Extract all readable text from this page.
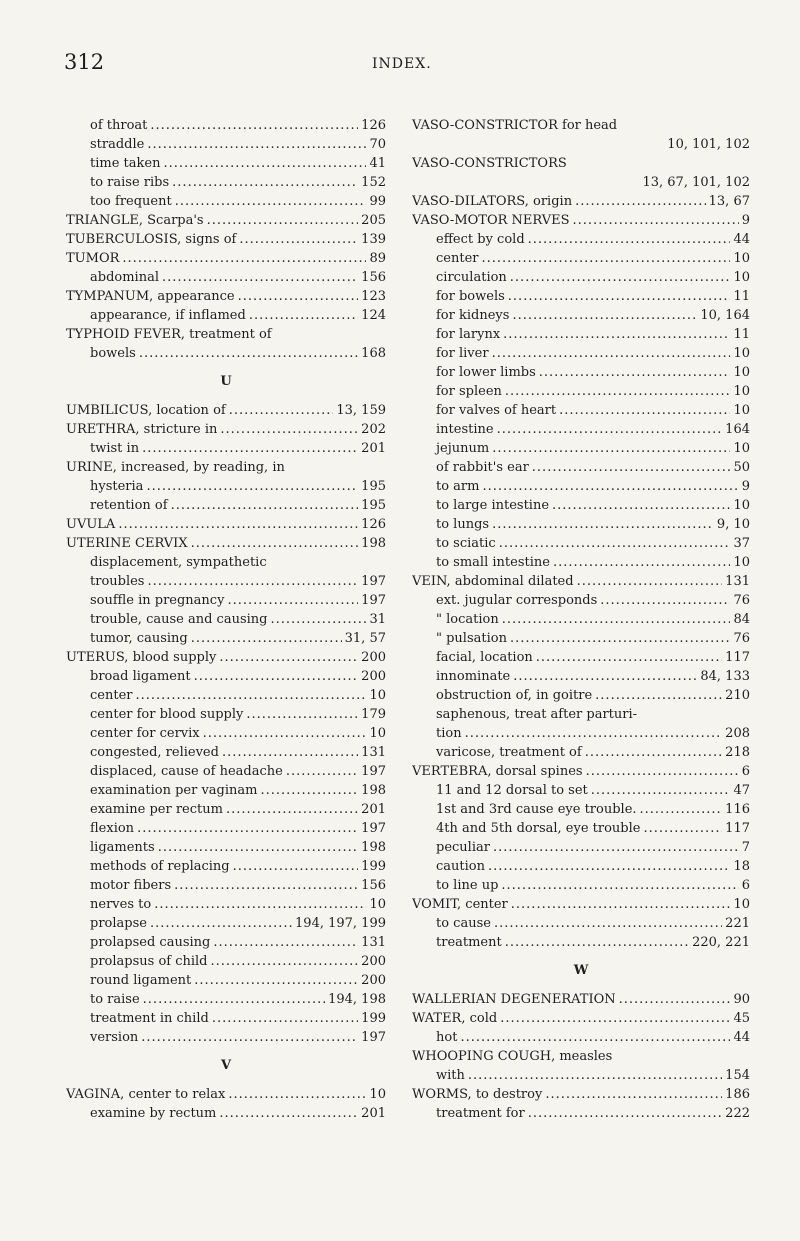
312	INDEX.
of throat .....	126
straddle .....	70
time taken .....	41
to raise ribs .....	152
too frequent .....	99
TRIANGLE, Scarpa's .....	205
TUBERCULOSIS, signs of .....	139
TUMOR .....	89
abdominal .....	156
TYMPANUM, appearance .....	123
appearance, if inflamed .....	124
TYPHOID FEVER, treatment of
bowels .....	168
U
UMBILICUS, location of .....	13, 159
URETHRA, stricture in .....	202
twist in .....	201
URINE, increased, by reading, in
hysteria .....	195
retention of .....	195
UVULA .....	126
UTERINE CERVIX .....	198
displacement, sympathetic
troubles .....	197
souffle in pregnancy .....	197
trouble, cause and causing .....	31
tumor, causing .....	31, 57
UTERUS, blood supply .....	200
broad ligament .....	200
center .....	10
center for blood supply .....	179
center for cervix .....	10
congested, relieved .....	131
displaced, cause of headache .....	197
examination per vaginam .....	198
examine per rectum .....	201
flexion .....	197
ligaments .....	198
methods of replacing .....	199
motor fibers .....	156
nerves to .....	10
prolapse .....	194, 197, 199
prolapsed causing .....	131
prolapsus of child .....	200
round ligament .....	200
to raise .....	194, 198
treatment in child .....	199
version .....	197
V
VAGINA, center to relax .....	10
examine by rectum .....	201
VASO-CONSTRICTOR for head
10, 101, 102
VASO-CONSTRICTORS
13, 67, 101, 102
VASO-DILATORS, origin .....	13, 67
VASO-MOTOR NERVES .....	9
effect by cold .....	44
center .....	10
circulation .....	10
for bowels .....	11
for kidneys .....	10, 164
for larynx .....	11
for liver .....	10
for lower limbs .....	10
for spleen .....	10
for valves of heart .....	10
intestine .....	164
jejunum .....	10
of rabbit's ear .....	50
to arm .....	9
to large intestine .....	10
to lungs .....	9, 10
to sciatic .....	37
to small intestine .....	10
VEIN, abdominal dilated .....	131
ext. jugular corresponds .....	76
" location .....	84
" pulsation .....	76
facial, location .....	117
innominate .....	84, 133
obstruction of, in goitre .....	210
saphenous, treat after parturi-
tion .....	208
varicose, treatment of .....	218
VERTEBRA, dorsal spines .....	6
11 and 12 dorsal to set .....	47
1st and 3rd cause eye trouble. .....	116
4th and 5th dorsal, eye trouble .....	117
peculiar .....	7
caution .....	18
to line up .....	6
VOMIT, center .....	10
to cause .....	221
treatment .....	220, 221
W
WALLERIAN DEGENERATION .....	90
WATER, cold .....	45
hot .....	44
WHOOPING COUGH, measles
with .....	154
WORMS, to destroy .....	186
treatment for .....	222
